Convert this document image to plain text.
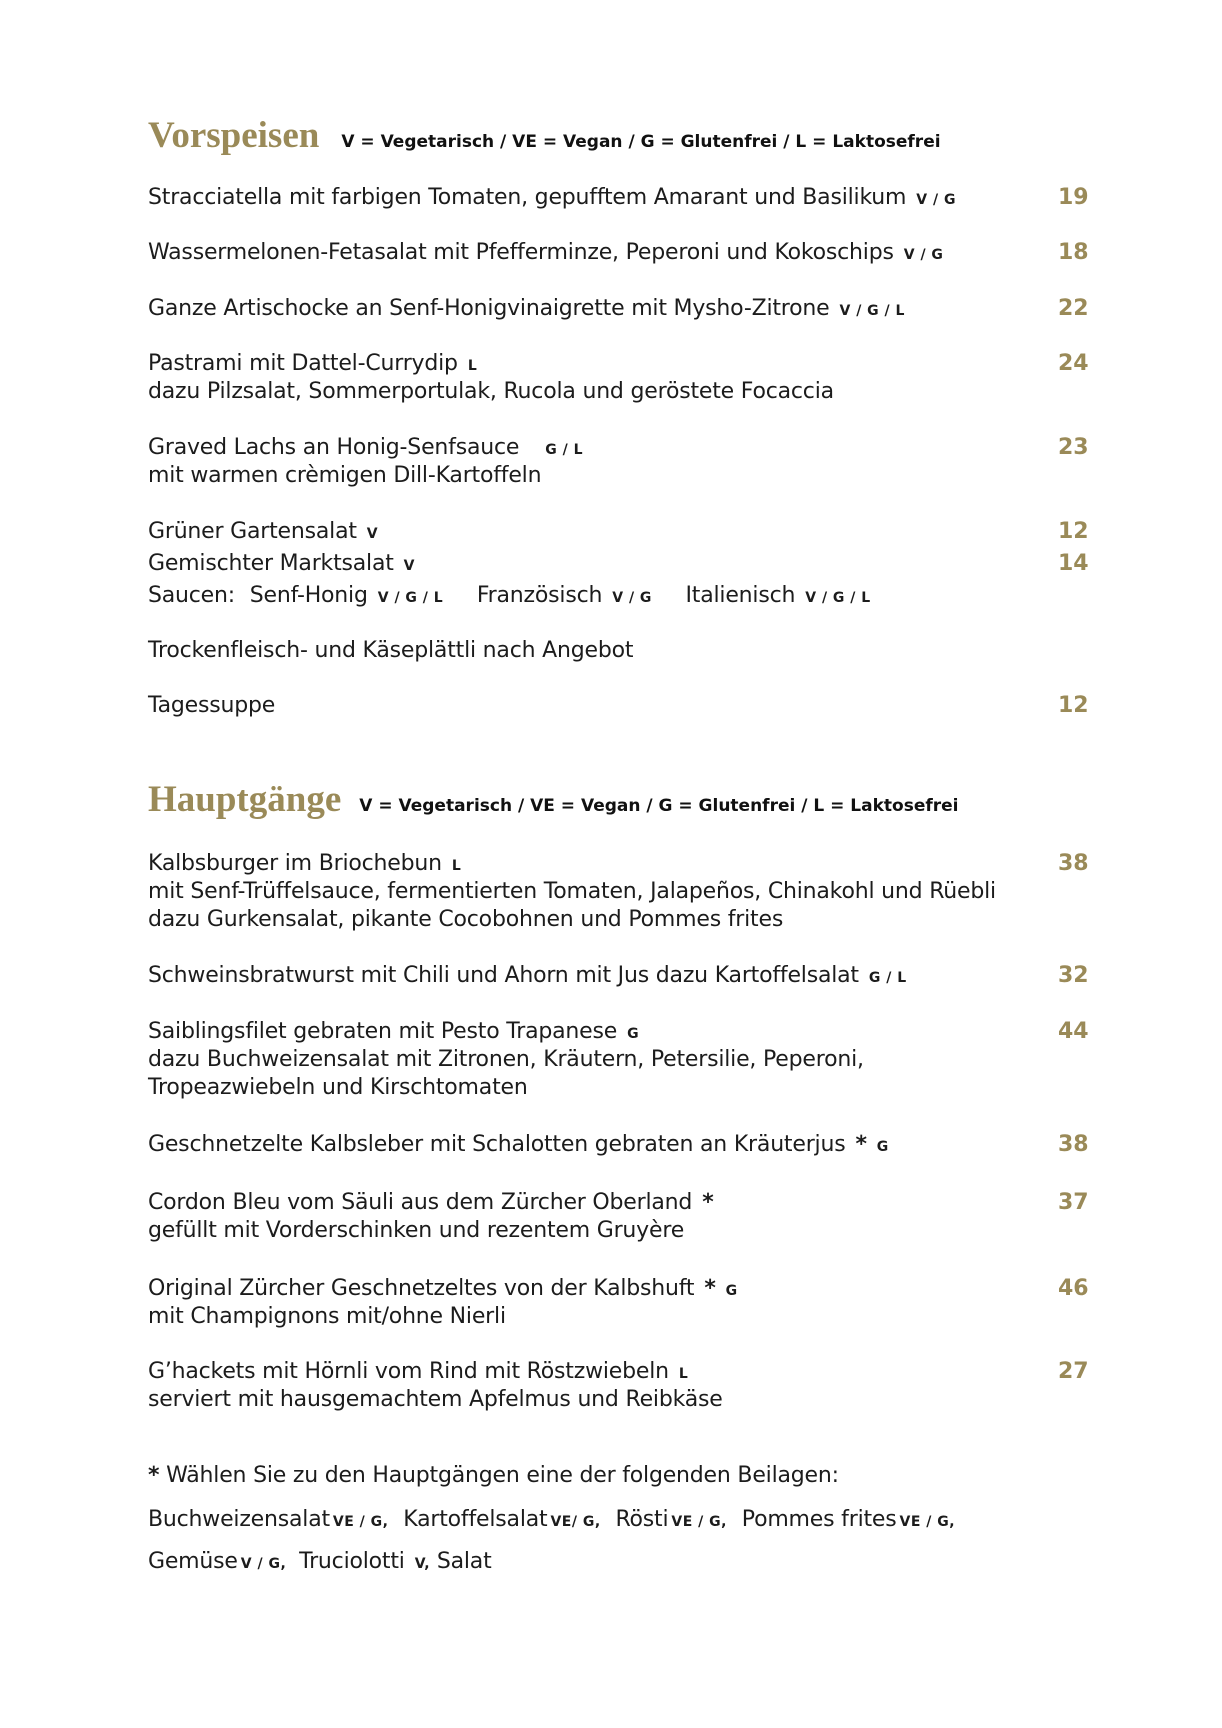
Vorspeisen V = Vegetarisch / VE = Vegan / G = Glutenfrei / L = Laktosefrei
Stracciatella mit farbigen Tomaten, gepufftem Amarant und Basilikum V / G	19
Wassermelonen-Fetasalat mit Pfefferminze, Peperoni und Kokoschips V / G	18
Ganze Artischocke an Senf-Honigvinaigrette mit Mysho-Zitrone V / G / L	22
Pastrami mit Dattel-Currydip L	24
dazu Pilzsalat, Sommerportulak, Rucola und geröstete Focaccia
Graved Lachs an Honig-Senfsauce G / L	23
mit warmen crèmigen Dill-Kartoffeln
Grüner Gartensalat V	12
Gemischter Marktsalat V	14
Saucen: Senf-Honig V / G / L Französisch V / G Italienisch V / G / L
Trockenfleisch- und Käseplättli nach Angebot
Tagessuppe	12
Hauptgänge V = Vegetarisch / VE = Vegan / G = Glutenfrei / L = Laktosefrei
Kalbsburger im Briochebun L	38
mit Senf-Trüffelsauce, fermentierten Tomaten, Jalapeños, Chinakohl und Rüebli
dazu Gurkensalat, pikante Cocobohnen und Pommes frites
Schweinsbratwurst mit Chili und Ahorn mit Jus dazu Kartoffelsalat G / L	32
Saiblingsfilet gebraten mit Pesto Trapanese G	44
dazu Buchweizensalat mit Zitronen, Kräutern, Petersilie, Peperoni,
Tropeazwiebeln und Kirschtomaten
Geschnetzelte Kalbsleber mit Schalotten gebraten an Kräuterjus * G	38
Cordon Bleu vom Säuli aus dem Zürcher Oberland *	37
gefüllt mit Vorderschinken und rezentem Gruyère
Original Zürcher Geschnetzeltes von der Kalbshuft * G	46
mit Champignons mit/ohne Nierli
G’hackets mit Hörnli vom Rind mit Röstzwiebeln L	27
serviert mit hausgemachtem Apfelmus und Reibkäse
* Wählen Sie zu den Hauptgängen eine der folgenden Beilagen:
Buchweizensalat VE / G, Kartoffelsalat VE/ G, Rösti VE / G, Pommes frites VE / G,
Gemüse V / G, Truciolotti V, Salat
